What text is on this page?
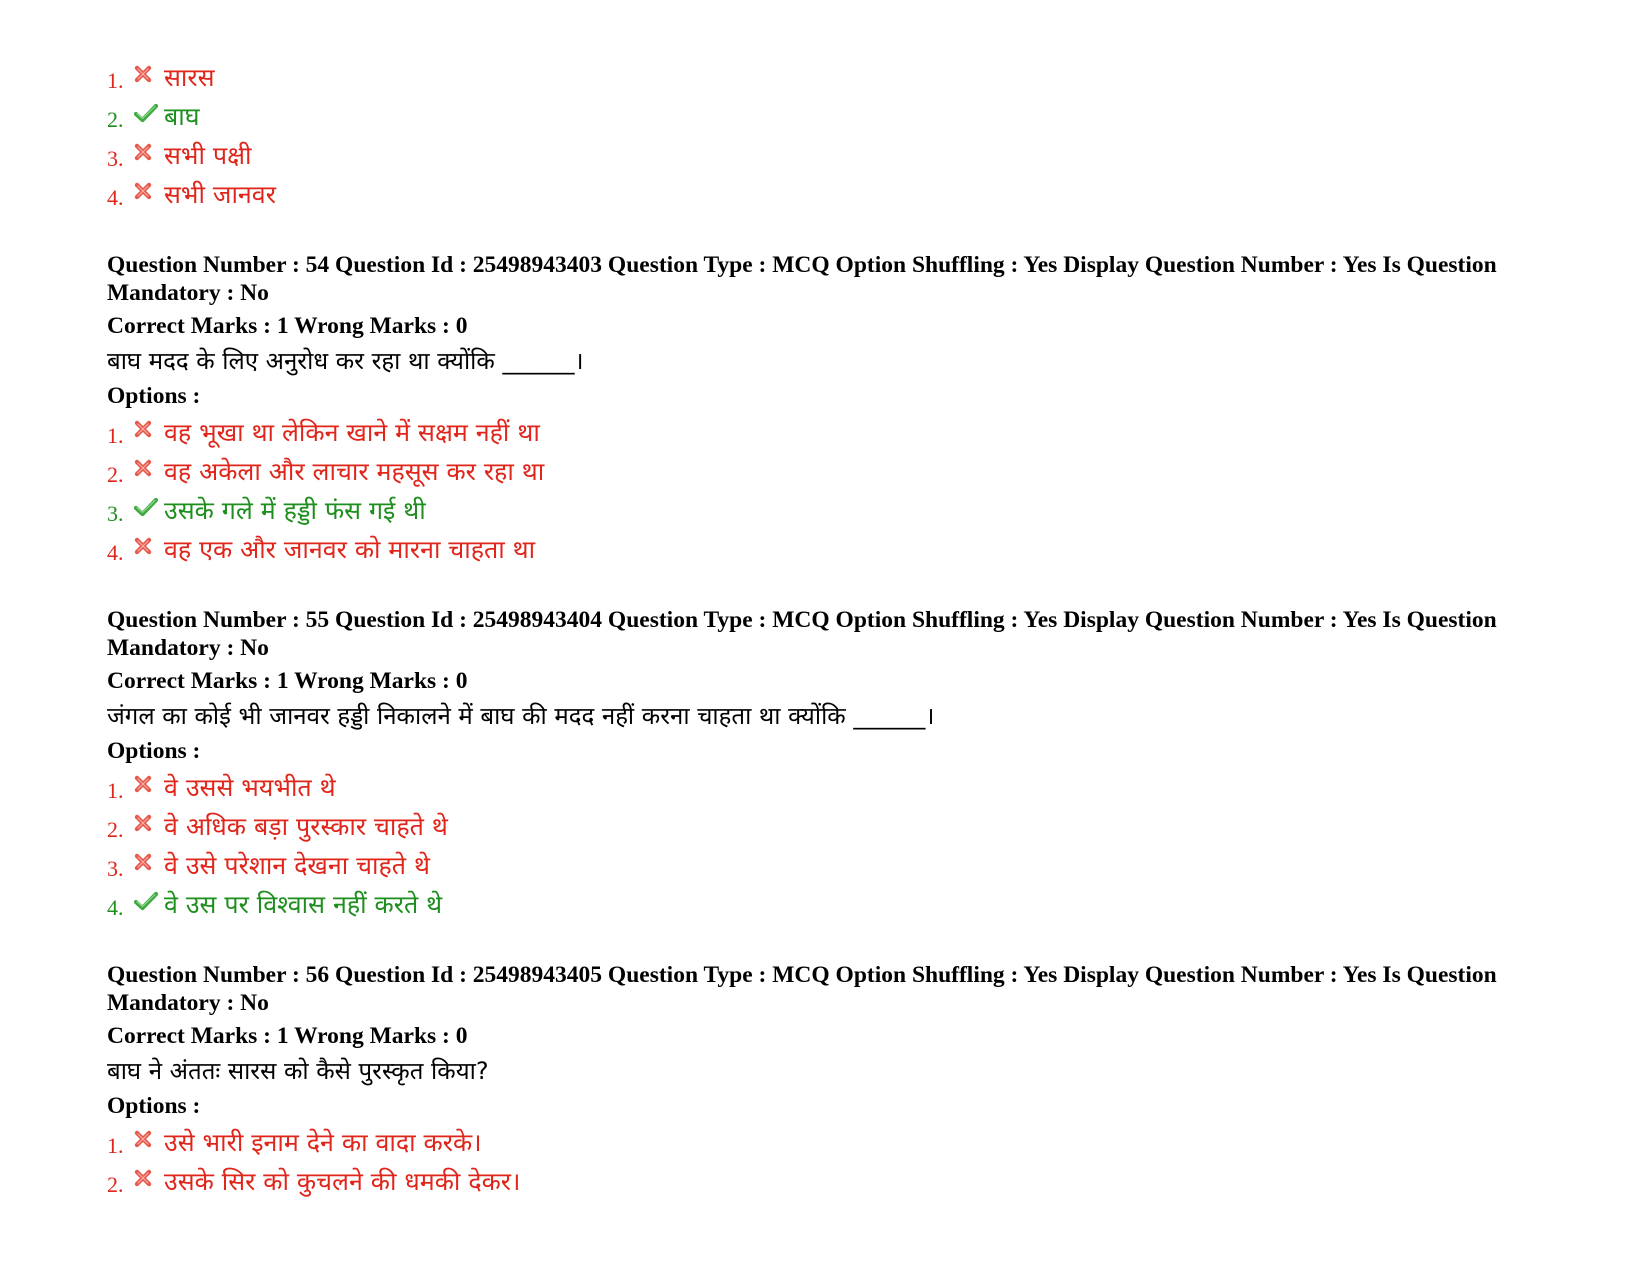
1.	सारस
2.	बाघ
3.	सभी पक्षी
4.	सभी जानवर
Question Number : 54 Question Id : 25498943403 Question Type : MCQ Option Shuffling : Yes Display Question Number : Yes Is Question Mandatory : No
Correct Marks : 1 Wrong Marks : 0
बाघ मदद के लिए अनुरोध कर रहा था क्योंकि ______।
Options :
1.	वह भूखा था लेकिन खाने में सक्षम नहीं था
2.	वह अकेला और लाचार महसूस कर रहा था
3.	उसके गले में हड्डी फंस गई थी
4.	वह एक और जानवर को मारना चाहता था
Question Number : 55 Question Id : 25498943404 Question Type : MCQ Option Shuffling : Yes Display Question Number : Yes Is Question Mandatory : No
Correct Marks : 1 Wrong Marks : 0
जंगल का कोई भी जानवर हड्डी निकालने में बाघ की मदद नहीं करना चाहता था क्योंकि ______।
Options :
1.	वे उससे भयभीत थे
2.	वे अधिक बड़ा पुरस्कार चाहते थे
3.	वे उसे परेशान देखना चाहते थे
4.	वे उस पर विश्वास नहीं करते थे
Question Number : 56 Question Id : 25498943405 Question Type : MCQ Option Shuffling : Yes Display Question Number : Yes Is Question Mandatory : No
Correct Marks : 1 Wrong Marks : 0
बाघ ने अंततः सारस को कैसे पुरस्कृत किया?
Options :
1.	उसे भारी इनाम देने का वादा करके।
2.	उसके सिर को कुचलने की धमकी देकर।
